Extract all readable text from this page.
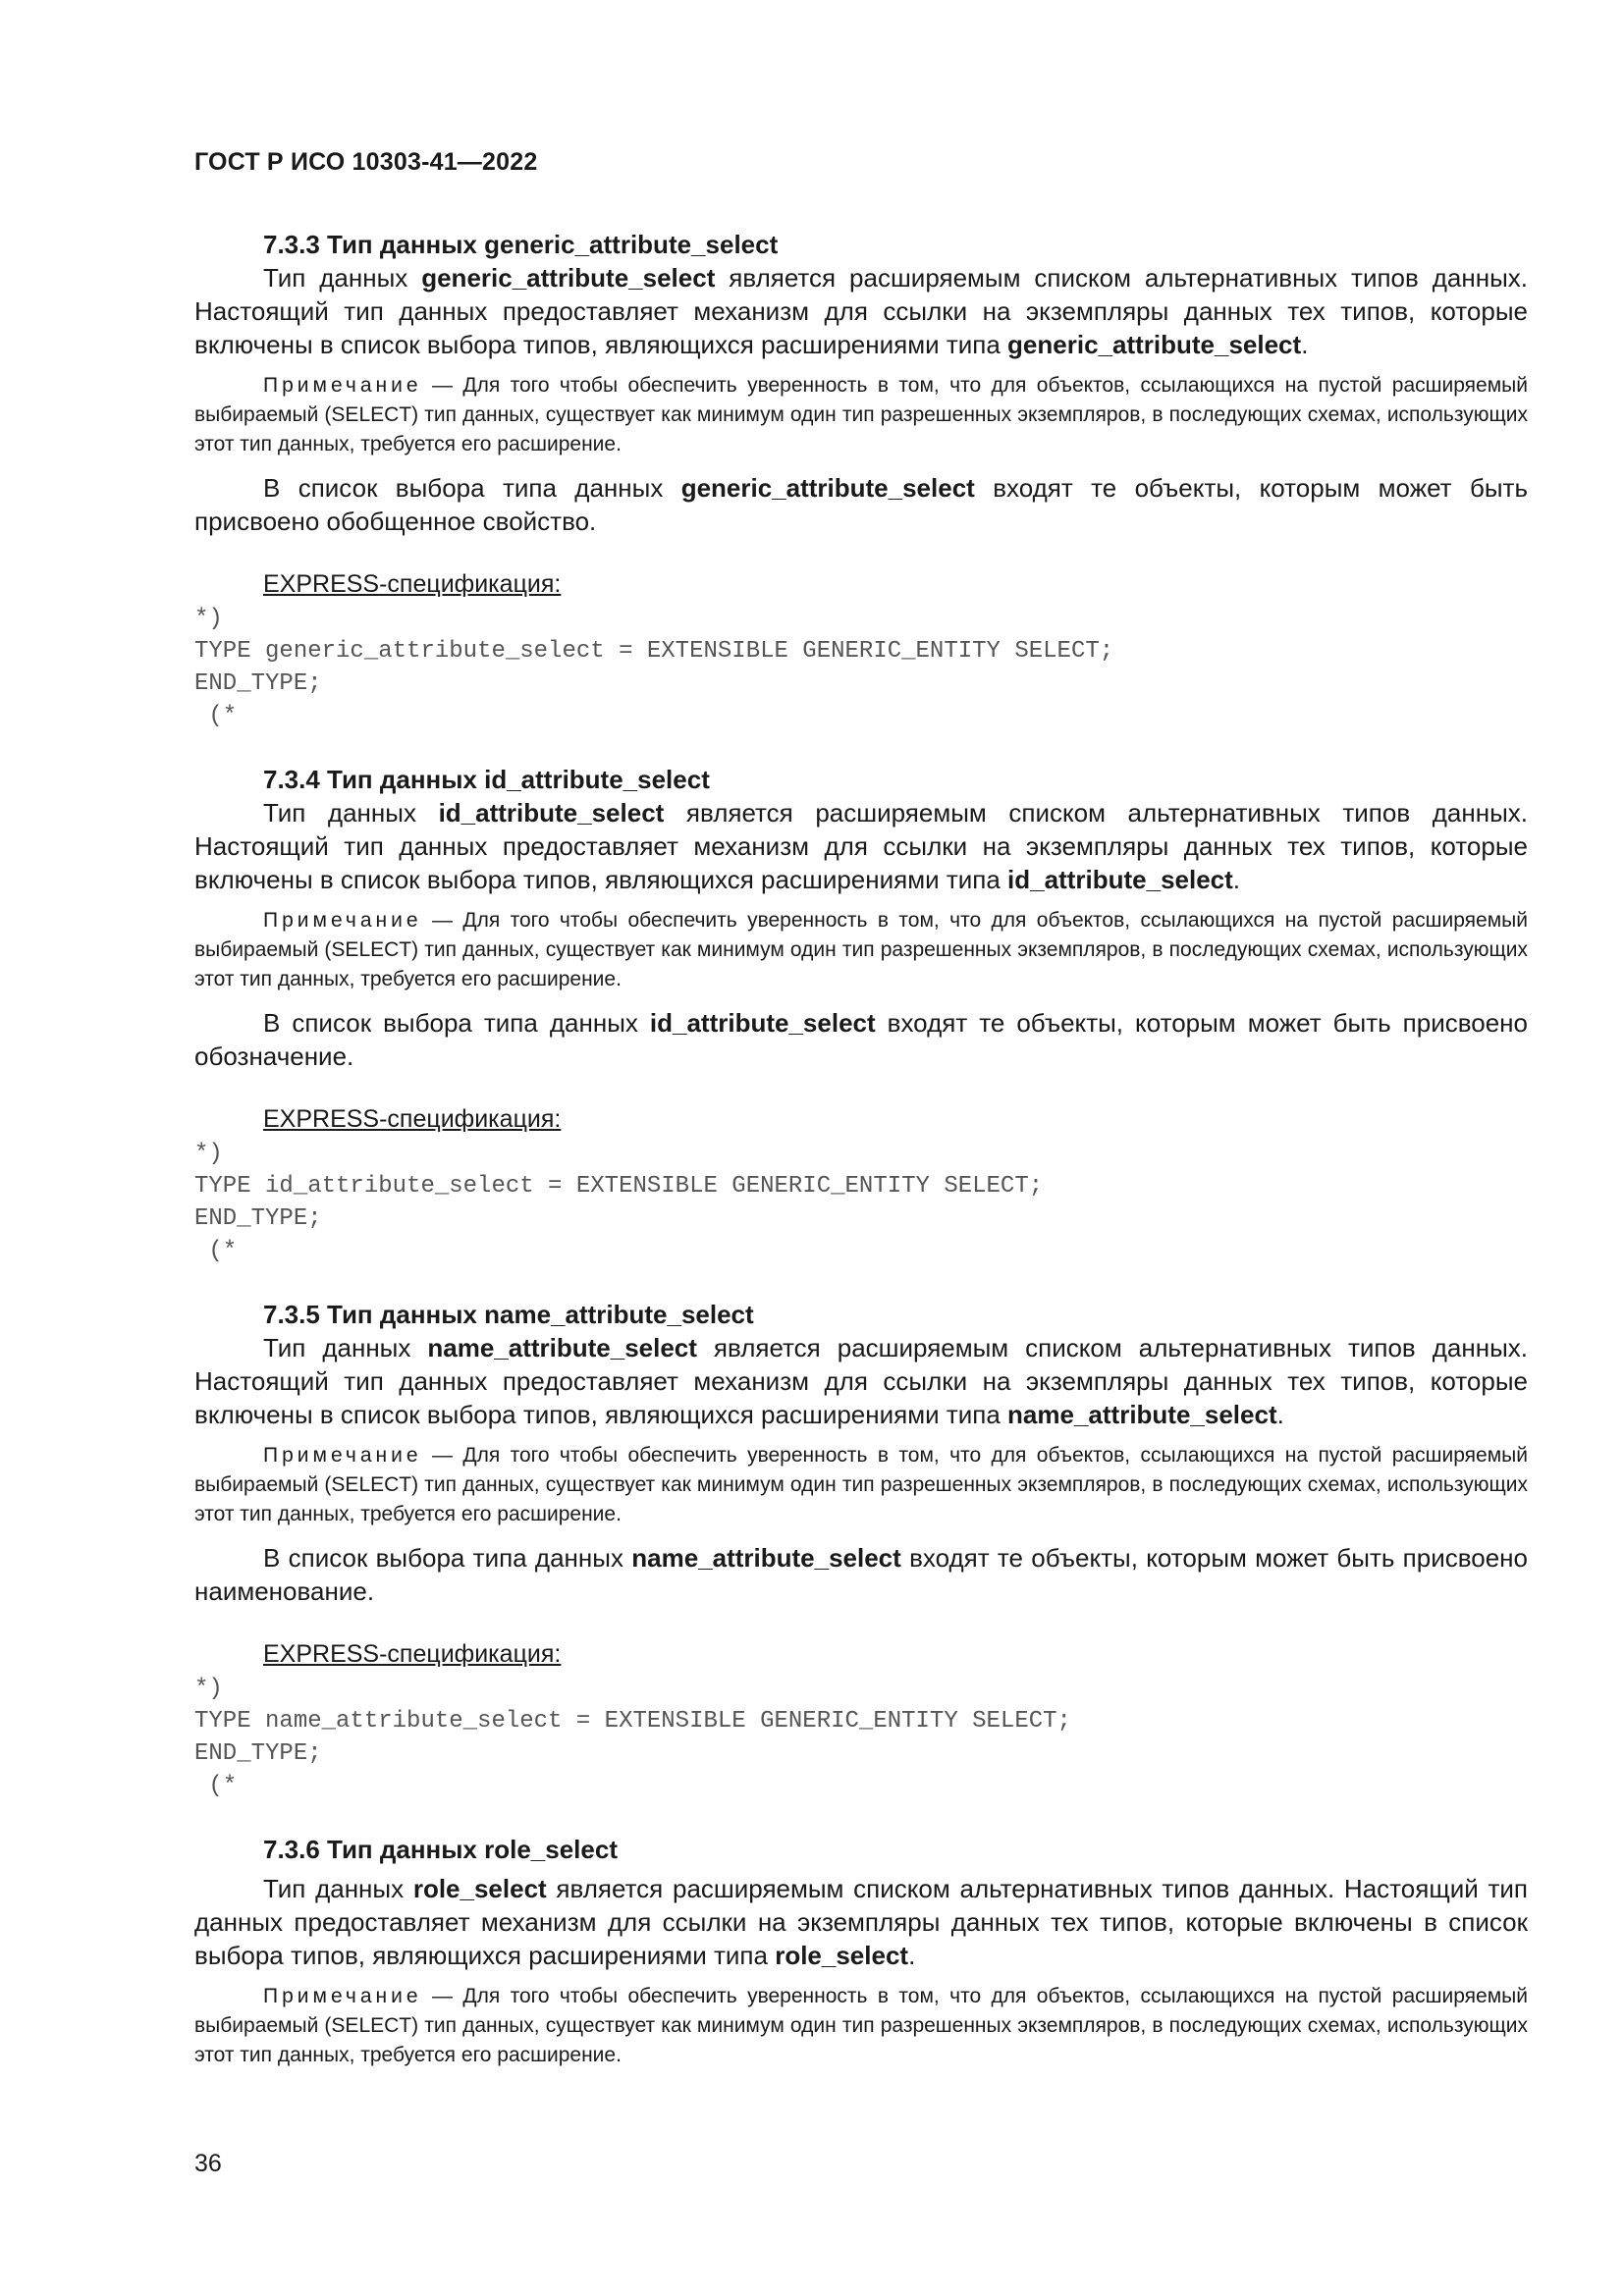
ГОСТ Р ИСО 10303-41—2022
7.3.3 Тип данных generic_attribute_select

Тип данных generic_attribute_select является расширяемым списком альтернативных типов данных. Настоящий тип данных предоставляет механизм для ссылки на экземпляры данных тех типов, которые включены в список выбора типов, являющихся расширениями типа generic_attribute_select.

Примечание — Для того чтобы обеспечить уверенность в том, что для объектов, ссылающихся на пустой расширяемый выбираемый (SELECT) тип данных, существует как минимум один тип разрешенных экземпляров, в последующих схемах, использующих этот тип данных, требуется его расширение.

В список выбора типа данных generic_attribute_select входят те объекты, которым может быть присвоено обобщенное свойство.

EXPRESS-спецификация:
*)
TYPE generic_attribute_select = EXTENSIBLE GENERIC_ENTITY SELECT;
END_TYPE;
(*
7.3.4 Тип данных id_attribute_select

Тип данных id_attribute_select является расширяемым списком альтернативных типов данных. Настоящий тип данных предоставляет механизм для ссылки на экземпляры данных тех типов, которые включены в список выбора типов, являющихся расширениями типа id_attribute_select.

Примечание — Для того чтобы обеспечить уверенность в том, что для объектов, ссылающихся на пустой расширяемый выбираемый (SELECT) тип данных, существует как минимум один тип разрешенных экземпляров, в последующих схемах, использующих этот тип данных, требуется его расширение.

В список выбора типа данных id_attribute_select входят те объекты, которым может быть присвоено обозначение.

EXPRESS-спецификация:
*)
TYPE id_attribute_select = EXTENSIBLE GENERIC_ENTITY SELECT;
END_TYPE;
(*
7.3.5 Тип данных name_attribute_select

Тип данных name_attribute_select является расширяемым списком альтернативных типов данных. Настоящий тип данных предоставляет механизм для ссылки на экземпляры данных тех типов, которые включены в список выбора типов, являющихся расширениями типа name_attribute_select.

Примечание — Для того чтобы обеспечить уверенность в том, что для объектов, ссылающихся на пустой расширяемый выбираемый (SELECT) тип данных, существует как минимум один тип разрешенных экземпляров, в последующих схемах, использующих этот тип данных, требуется его расширение.

В список выбора типа данных name_attribute_select входят те объекты, которым может быть присвоено наименование.

EXPRESS-спецификация:
*)
TYPE name_attribute_select = EXTENSIBLE GENERIC_ENTITY SELECT;
END_TYPE;
(*
7.3.6 Тип данных role_select

Тип данных role_select является расширяемым списком альтернативных типов данных. Настоящий тип данных предоставляет механизм для ссылки на экземпляры данных тех типов, которые включены в список выбора типов, являющихся расширениями типа role_select.

Примечание — Для того чтобы обеспечить уверенность в том, что для объектов, ссылающихся на пустой расширяемый выбираемый (SELECT) тип данных, существует как минимум один тип разрешенных экземпляров, в последующих схемах, использующих этот тип данных, требуется его расширение.

36
